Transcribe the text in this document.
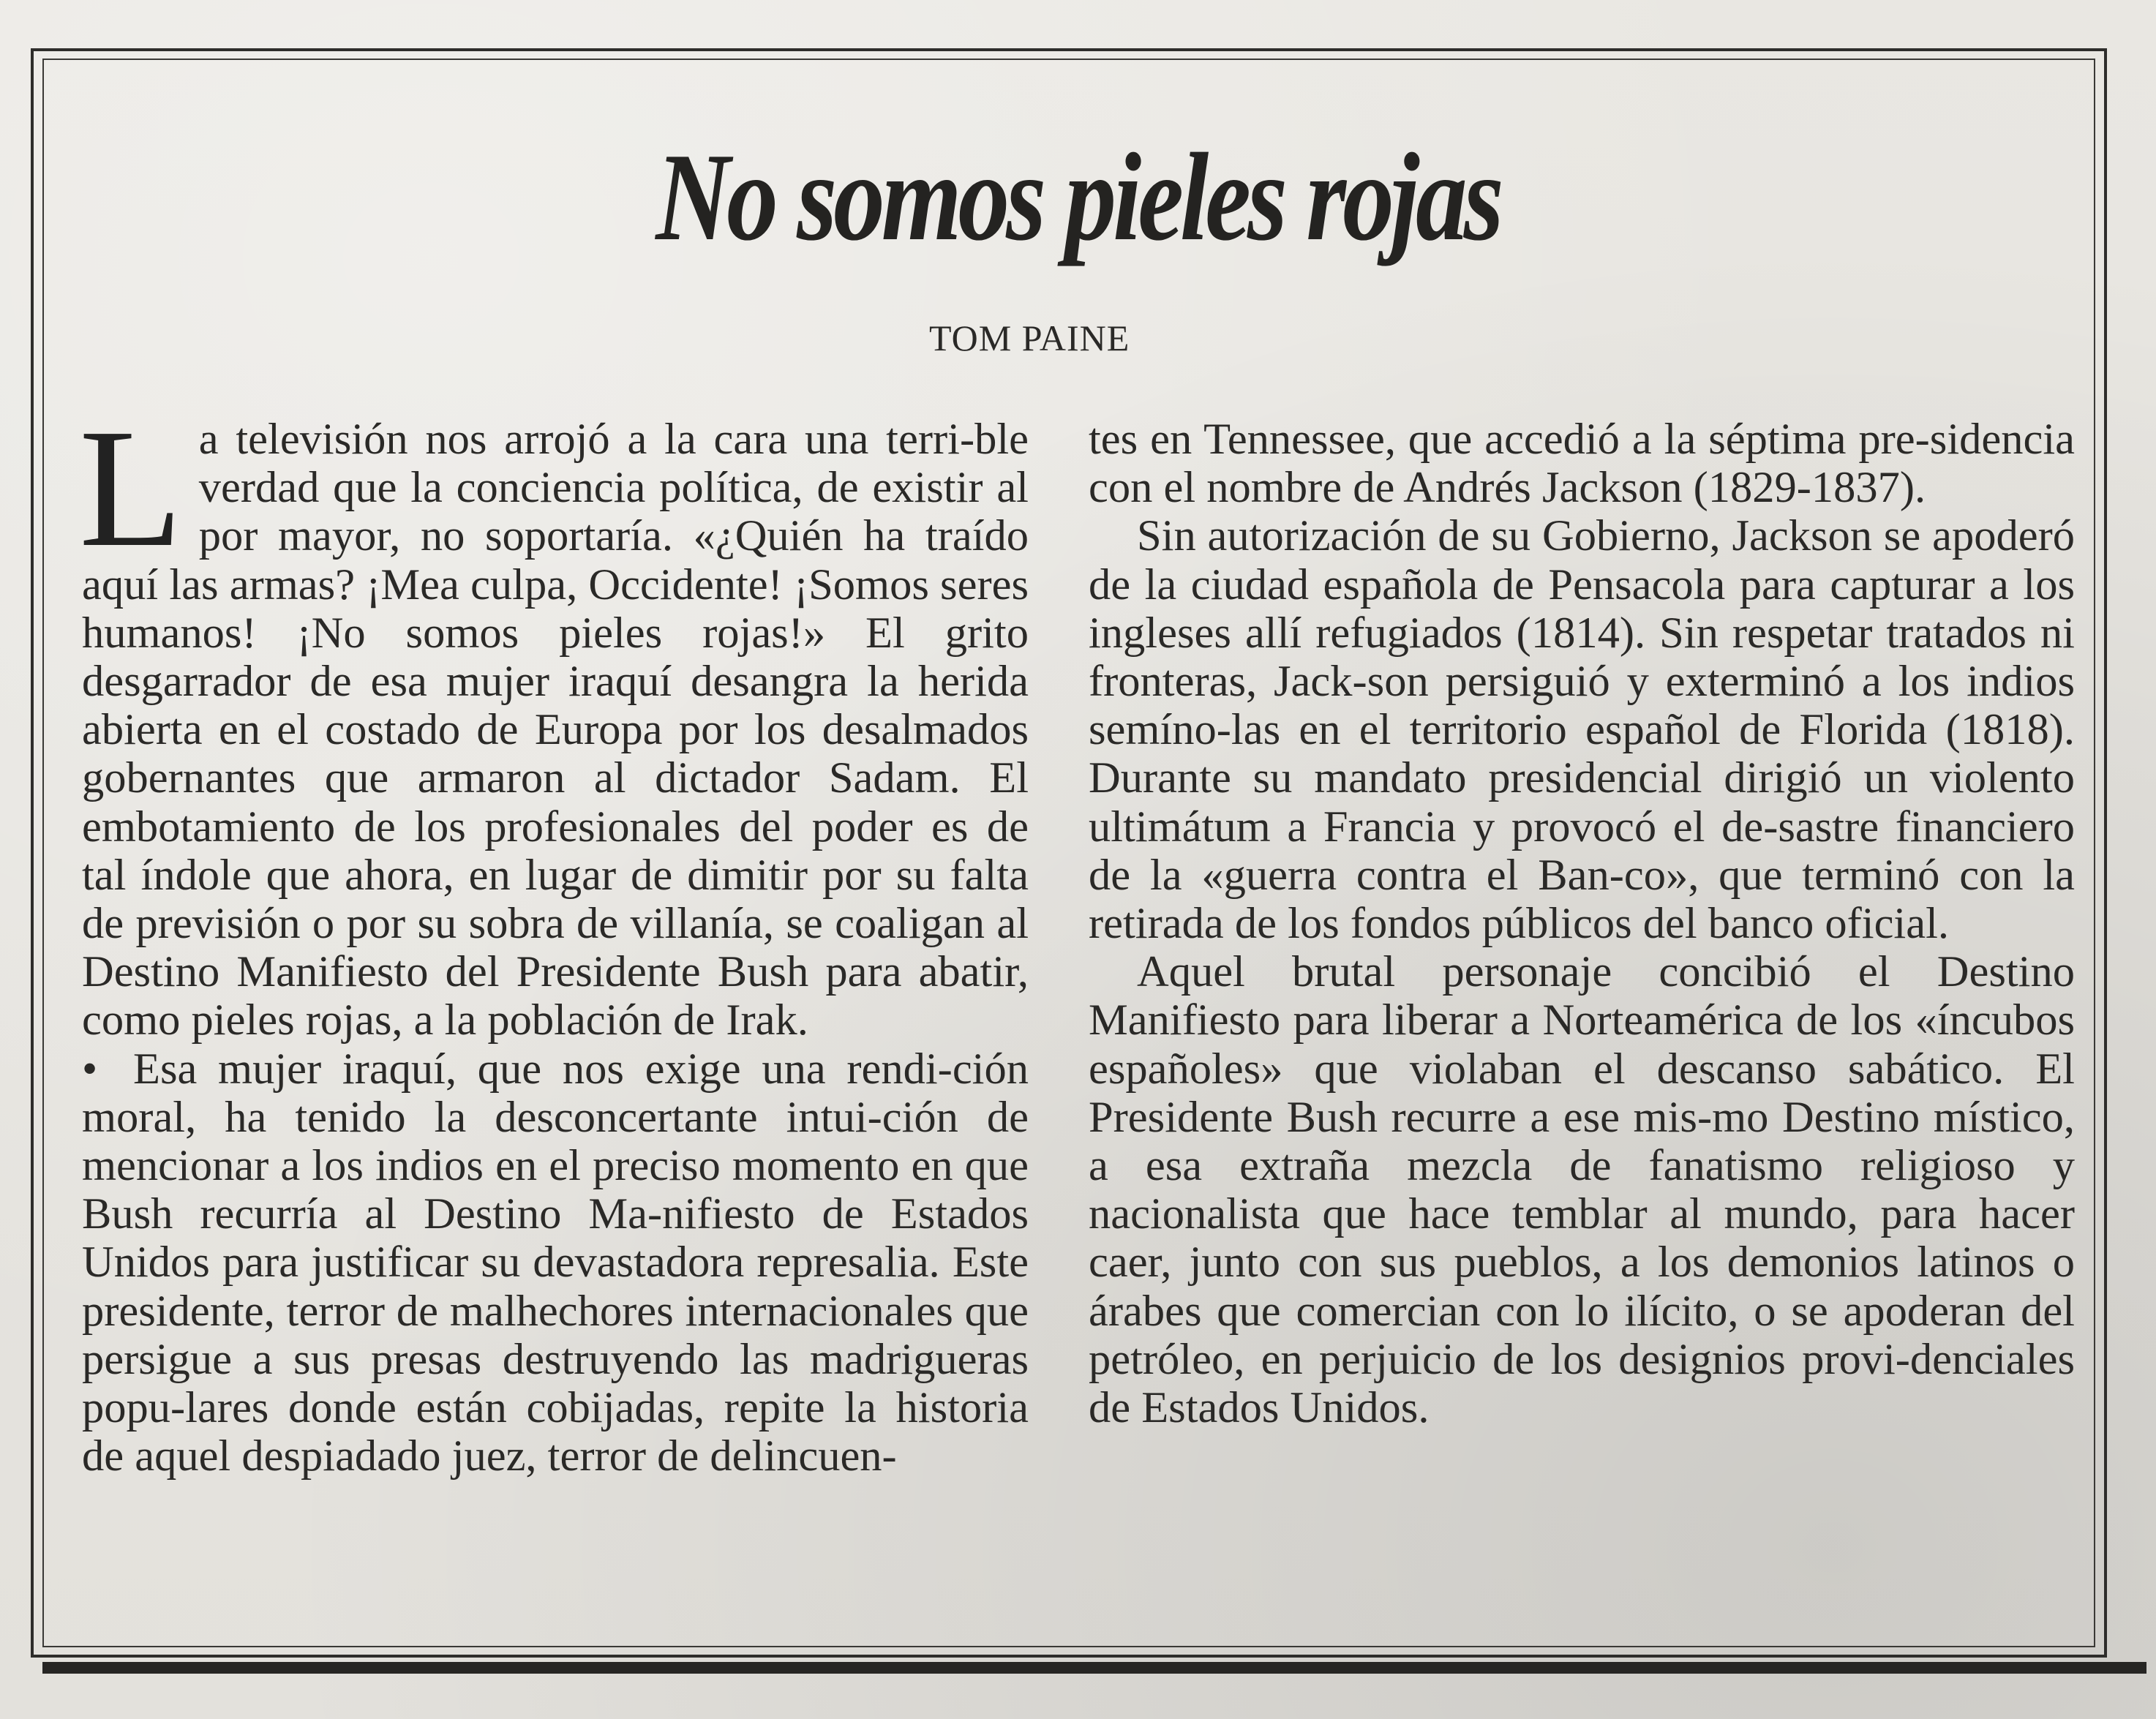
No somos pieles rojas
TOM PAINE

La televisión nos arrojó a la cara una terri-ble verdad que la conciencia política, de existir al por mayor, no soportaría. «¿Quién ha traído aquí las armas? ¡Mea culpa, Occidente! ¡Somos seres humanos! ¡No somos pieles rojas!» El grito desgarrador de esa mujer iraquí desangra la herida abierta en el costado de Europa por los desalmados gobernantes que armaron al dictador Sadam. El embotamiento de los profesionales del poder es de tal índole que ahora, en lugar de dimitir por su falta de previsión o por su sobra de villanía, se coaligan al Destino Manifiesto del Presidente Bush para abatir, como pieles rojas, a la población de Irak.

• Esa mujer iraquí, que nos exige una rendi-ción moral, ha tenido la desconcertante intui-ción de mencionar a los indios en el preciso momento en que Bush recurría al Destino Ma-nifiesto de Estados Unidos para justificar su devastadora represalia. Este presidente, terror de malhechores internacionales que persigue a sus presas destruyendo las madrigueras popu-lares donde están cobijadas, repite la historia de aquel despiadado juez, terror de delincuen-

tes en Tennessee, que accedió a la séptima pre-sidencia con el nombre de Andrés Jackson (1829-1837).

Sin autorización de su Gobierno, Jackson se apoderó de la ciudad española de Pensacola para capturar a los ingleses allí refugiados (1814). Sin respetar tratados ni fronteras, Jack-son persiguió y exterminó a los indios semíno-las en el territorio español de Florida (1818). Durante su mandato presidencial dirigió un violento ultimátum a Francia y provocó el de-sastre financiero de la «guerra contra el Ban-co», que terminó con la retirada de los fondos públicos del banco oficial.

Aquel brutal personaje concibió el Destino Manifiesto para liberar a Norteamérica de los «íncubos españoles» que violaban el descanso sabático. El Presidente Bush recurre a ese mis-mo Destino místico, a esa extraña mezcla de fanatismo religioso y nacionalista que hace temblar al mundo, para hacer caer, junto con sus pueblos, a los demonios latinos o árabes que comercian con lo ilícito, o se apoderan del petróleo, en perjuicio de los designios provi-denciales de Estados Unidos.
